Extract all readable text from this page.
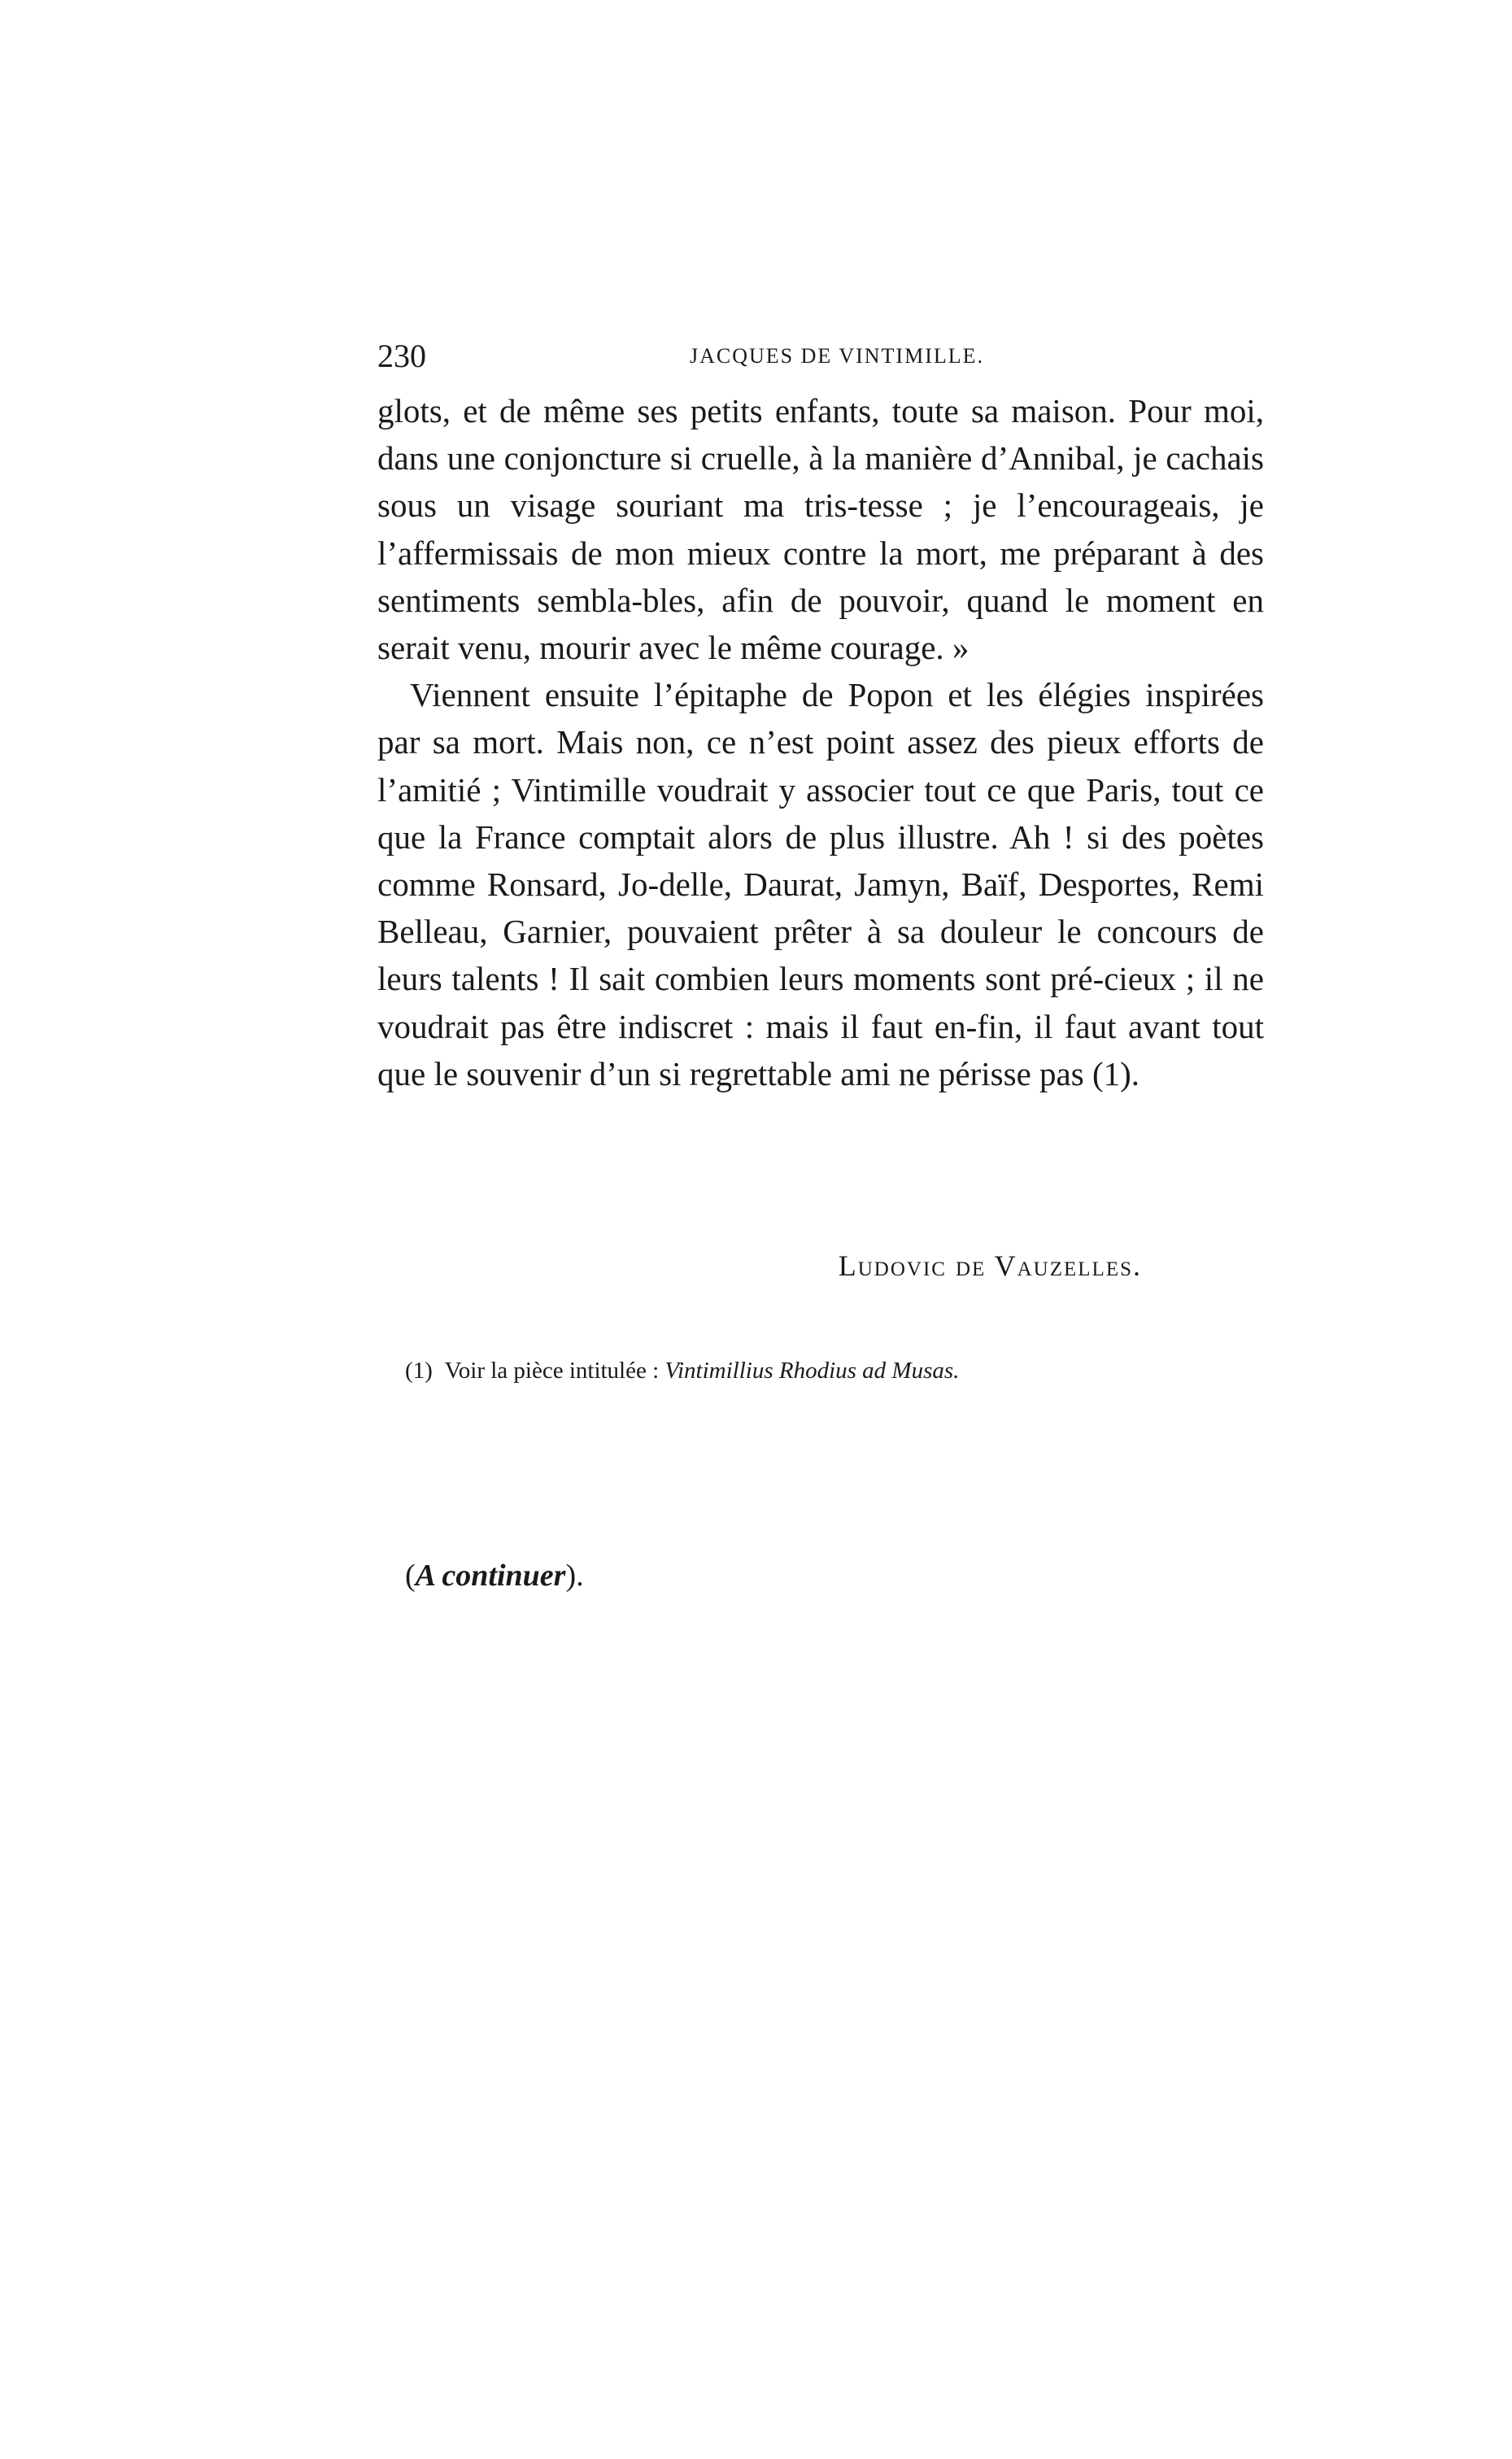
230	JACQUES DE VINTIMILLE.

glots, et de même ses petits enfants, toute sa maison. Pour moi, dans une conjoncture si cruelle, à la manière d’Annibal, je cachais sous un visage souriant ma tris-tesse ; je l’encourageais, je l’affermissais de mon mieux contre la mort, me préparant à des sentiments sembla-bles, afin de pouvoir, quand le moment en serait venu, mourir avec le même courage. »

Viennent ensuite l’épitaphe de Popon et les élégies inspirées par sa mort. Mais non, ce n’est point assez des pieux efforts de l’amitié ; Vintimille voudrait y associer tout ce que Paris, tout ce que la France comptait alors de plus illustre. Ah ! si des poètes comme Ronsard, Jo-delle, Daurat, Jamyn, Baïf, Desportes, Remi Belleau, Garnier, pouvaient prêter à sa douleur le concours de leurs talents ! Il sait combien leurs moments sont pré-cieux ; il ne voudrait pas être indiscret : mais il faut en-fin, il faut avant tout que le souvenir d’un si regrettable ami ne périsse pas (1).

Ludovic de Vauzelles.
(1) Voir la pièce intitulée : Vintimillius Rhodius ad Musas.
(A continuer).
